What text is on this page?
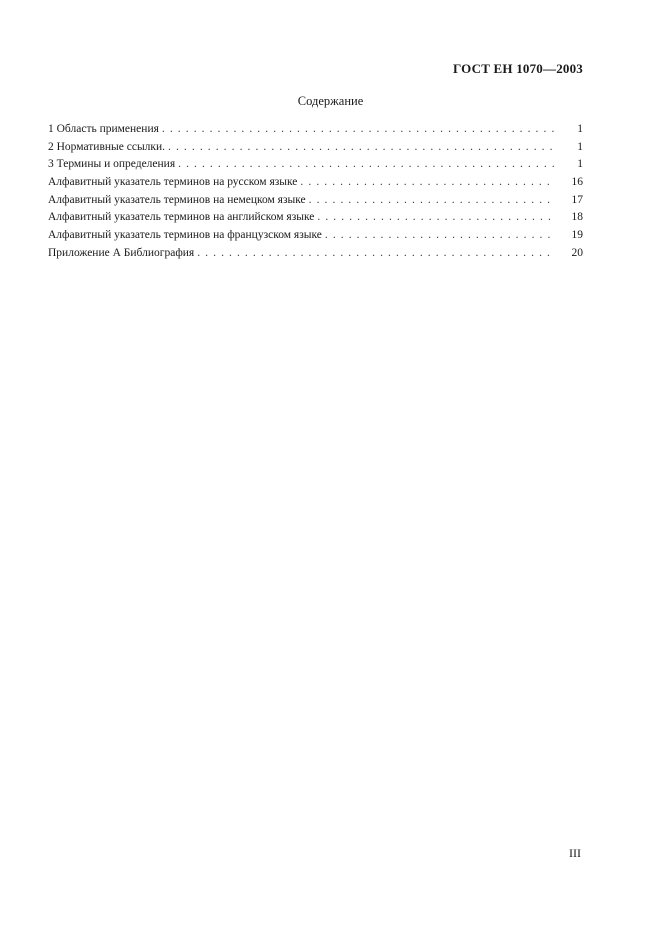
ГОСТ ЕН 1070—2003
Содержание
1 Область применения . . .	1
2 Нормативные ссылки. . . .	1
3 Термины и определения . . .	1
Алфавитный указатель терминов на русском языке . . .	16
Алфавитный указатель терминов на немецком языке . . .	17
Алфавитный указатель терминов на английском языке . . .	18
Алфавитный указатель терминов на французском языке . . .	19
Приложение А Библиография . . .	20
III
